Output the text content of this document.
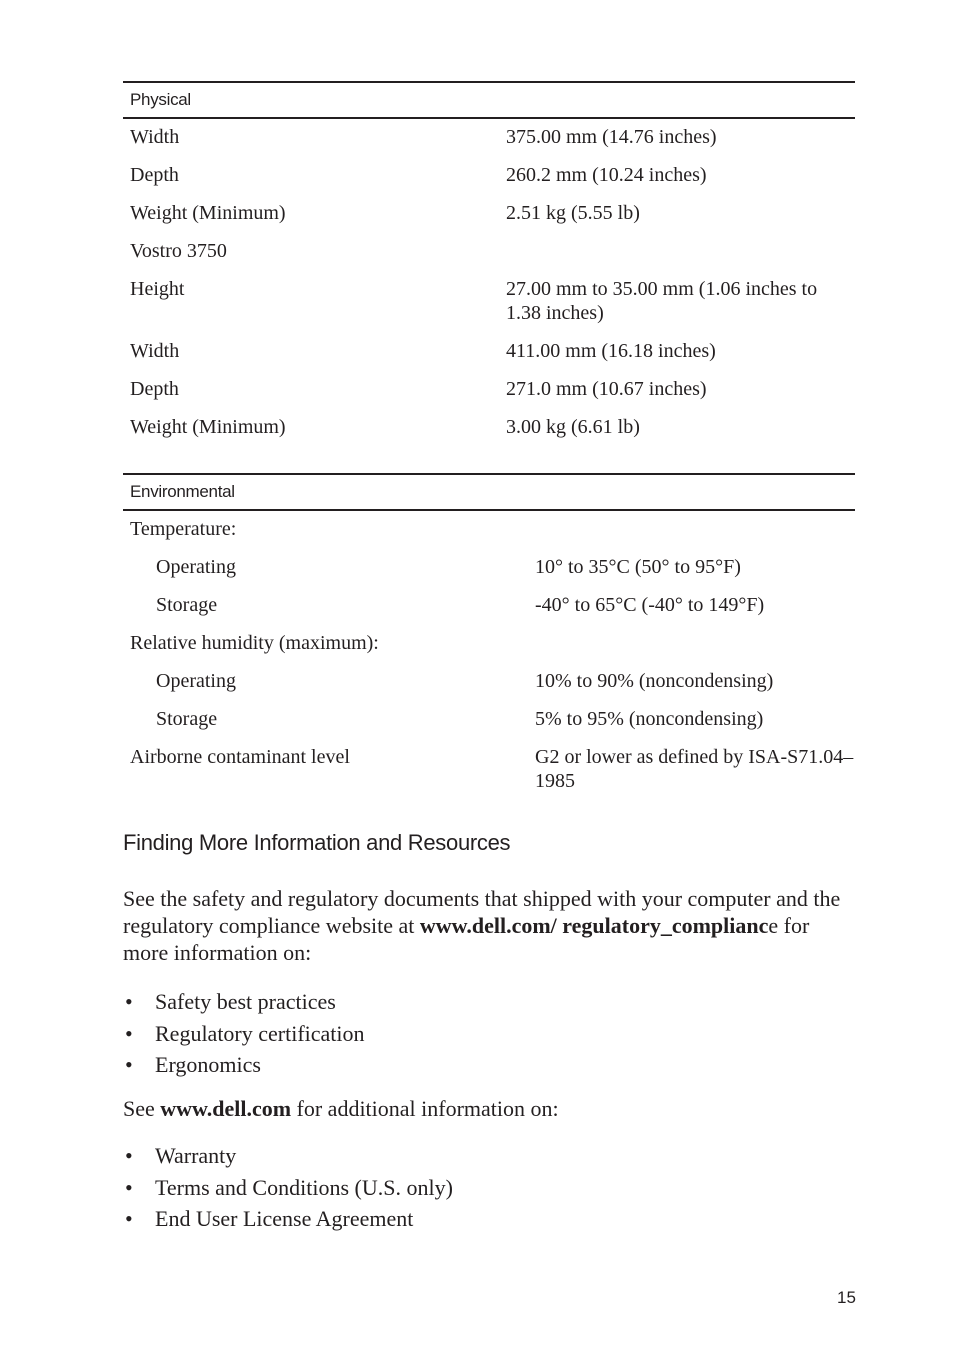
Physical	
Width	375.00 mm (14.76 inches)
Depth	260.2 mm (10.24 inches)
Weight (Minimum)	2.51 kg (5.55 lb)
Vostro 3750	
Height	27.00 mm to 35.00 mm (1.06 inches to 1.38 inches)
Width	411.00 mm (16.18 inches)
Depth	271.0 mm (10.67 inches)
Weight (Minimum)	3.00 kg (6.61 lb)
Environmental	
Temperature:	
Operating	10° to 35°C (50° to 95°F)
Storage	-40° to 65°C (-40° to 149°F)
Relative humidity (maximum):	
Operating	10% to 90% (noncondensing)
Storage	5% to 95% (noncondensing)
Airborne contaminant level	G2 or lower as defined by ISA-S71.04–1985
Finding More Information and Resources

See the safety and regulatory documents that shipped with your computer and the regulatory compliance website at www.dell.com/ regulatory_compliance for more information on:

• Safety best practices
• Regulatory certification
• Ergonomics

See www.dell.com for additional information on:

• Warranty
• Terms and Conditions (U.S. only)
• End User License Agreement
15
